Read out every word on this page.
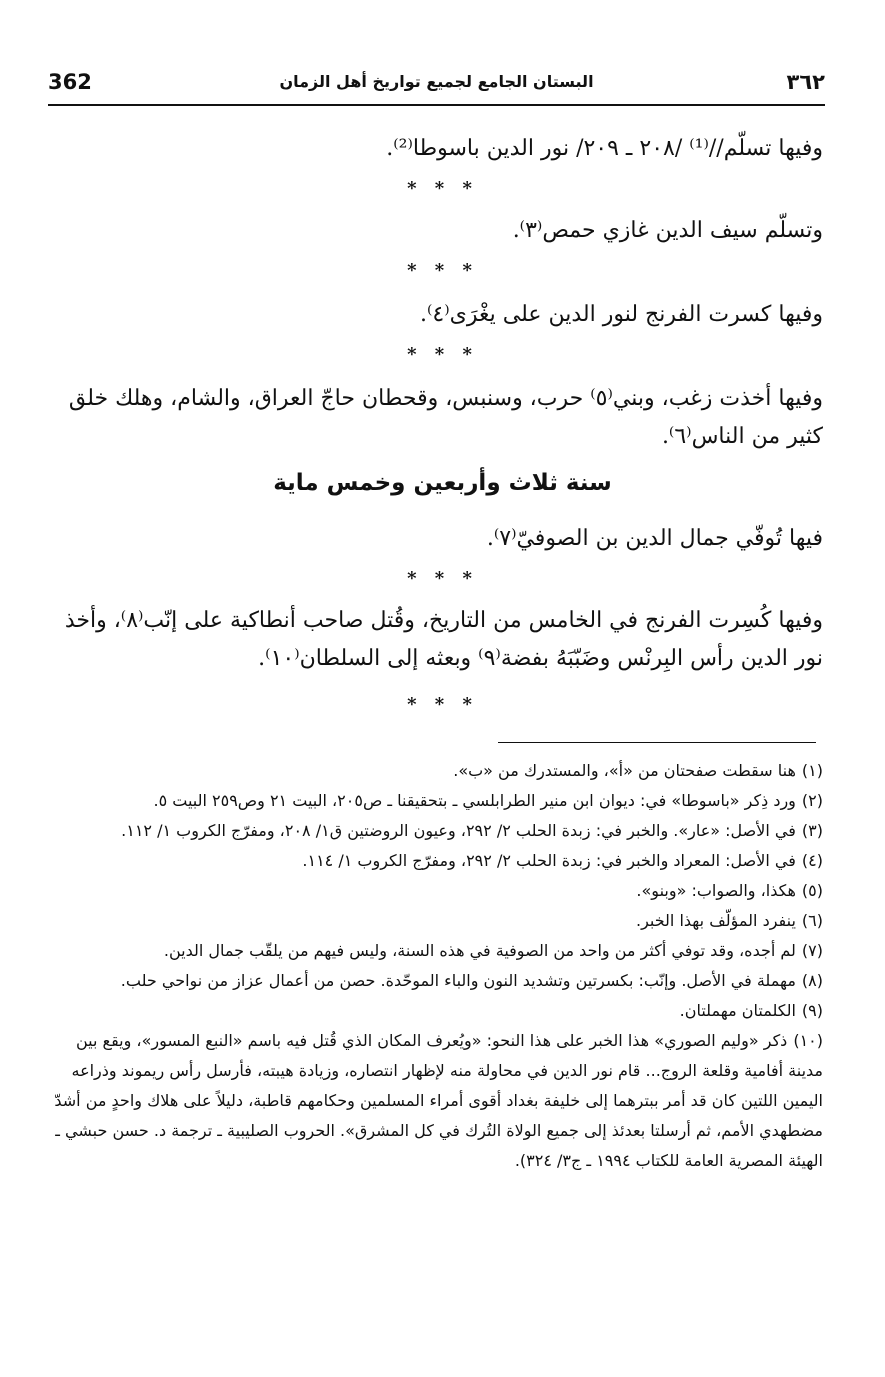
362	البستان الجامع لجميع تواريخ أهل الزمان	٣٦٢
وفيها تسلّم//⁽¹⁾ /٢٠٨ ـ ٢٠٩/ نور الدين باسوطا⁽²⁾.
* * *
وتسلّم سيف الدين غازي حمص⁽٣⁾.
* * *
وفيها كسرت الفرنج لنور الدين على يغْرَى⁽٤⁾.
* * *
وفيها أخذت زغب، وبني⁽٥⁾ حرب، وسنبس، وقحطان حاجّ العراق، والشام، وهلك خلق كثير من الناس⁽٦⁾.
سنة ثلاث وأربعين وخمس ماية
فيها تُوفّي جمال الدين بن الصوفيّ⁽٧⁾.
* * *
وفيها كُسِرت الفرنج في الخامس من التاريخ، وقُتل صاحب أنطاكية على إنّب⁽٨⁾، وأخذ نور الدين رأس البِرنْس وضَبّبَهُ بفضة⁽٩⁾ وبعثه إلى السلطان⁽١٠⁾.
* * *
(١)هنا سقطت صفحتان من «أ»، والمستدرك من «ب».
(٢)ورد ذِكر «باسوطا» في: ديوان ابن منير الطرابلسي ـ بتحقيقنا ـ ص٢٠٥، البيت ٢١ وص٢٥٩ البيت ٥.
(٣)في الأصل: «عار». والخبر في: زبدة الحلب ٢/ ٢٩٢، وعيون الروضتين ق١/ ٢٠٨، ومفرّج الكروب ١/ ١١٢.
(٤)في الأصل: المعراد والخبر في: زبدة الحلب ٢/ ٢٩٢، ومفرّج الكروب ١/ ١١٤.
(٥)هكذا، والصواب: «وبنو».
(٦)ينفرد المؤلّف بهذا الخبر.
(٧)لم أجده، وقد توفي أكثر من واحد من الصوفية في هذه السنة، وليس فيهم من يلقّب جمال الدين.
(٨)مهملة في الأصل. وإنّب: بكسرتين وتشديد النون والباء الموحّدة. حصن من أعمال عزاز من نواحي حلب.
(٩)الكلمتان مهملتان.
(١٠)ذكر «وليم الصوري» هذا الخبر على هذا النحو: «ويُعرف المكان الذي قُتل فيه باسم «النبع المسور»، ويقع بين مدينة أفامية وقلعة الروج... قام نور الدين في محاولة منه لإظهار انتصاره، وزيادة هيبته، فأرسل رأس ريموند وذراعه اليمين اللتين كان قد أمر ببترهما إلى خليفة بغداد أقوى أمراء المسلمين وحكامهم قاطبة، دليلاً على هلاك واحدٍ من أشدّ مضطهدي الأمم، ثم أرسلتا بعدئذ إلى جميع الولاة التُرك في كل المشرق». الحروب الصليبية ـ ترجمة د. حسن حبشي ـ الهيئة المصرية العامة للكتاب ١٩٩٤ ـ ج٣/ ٣٢٤).
